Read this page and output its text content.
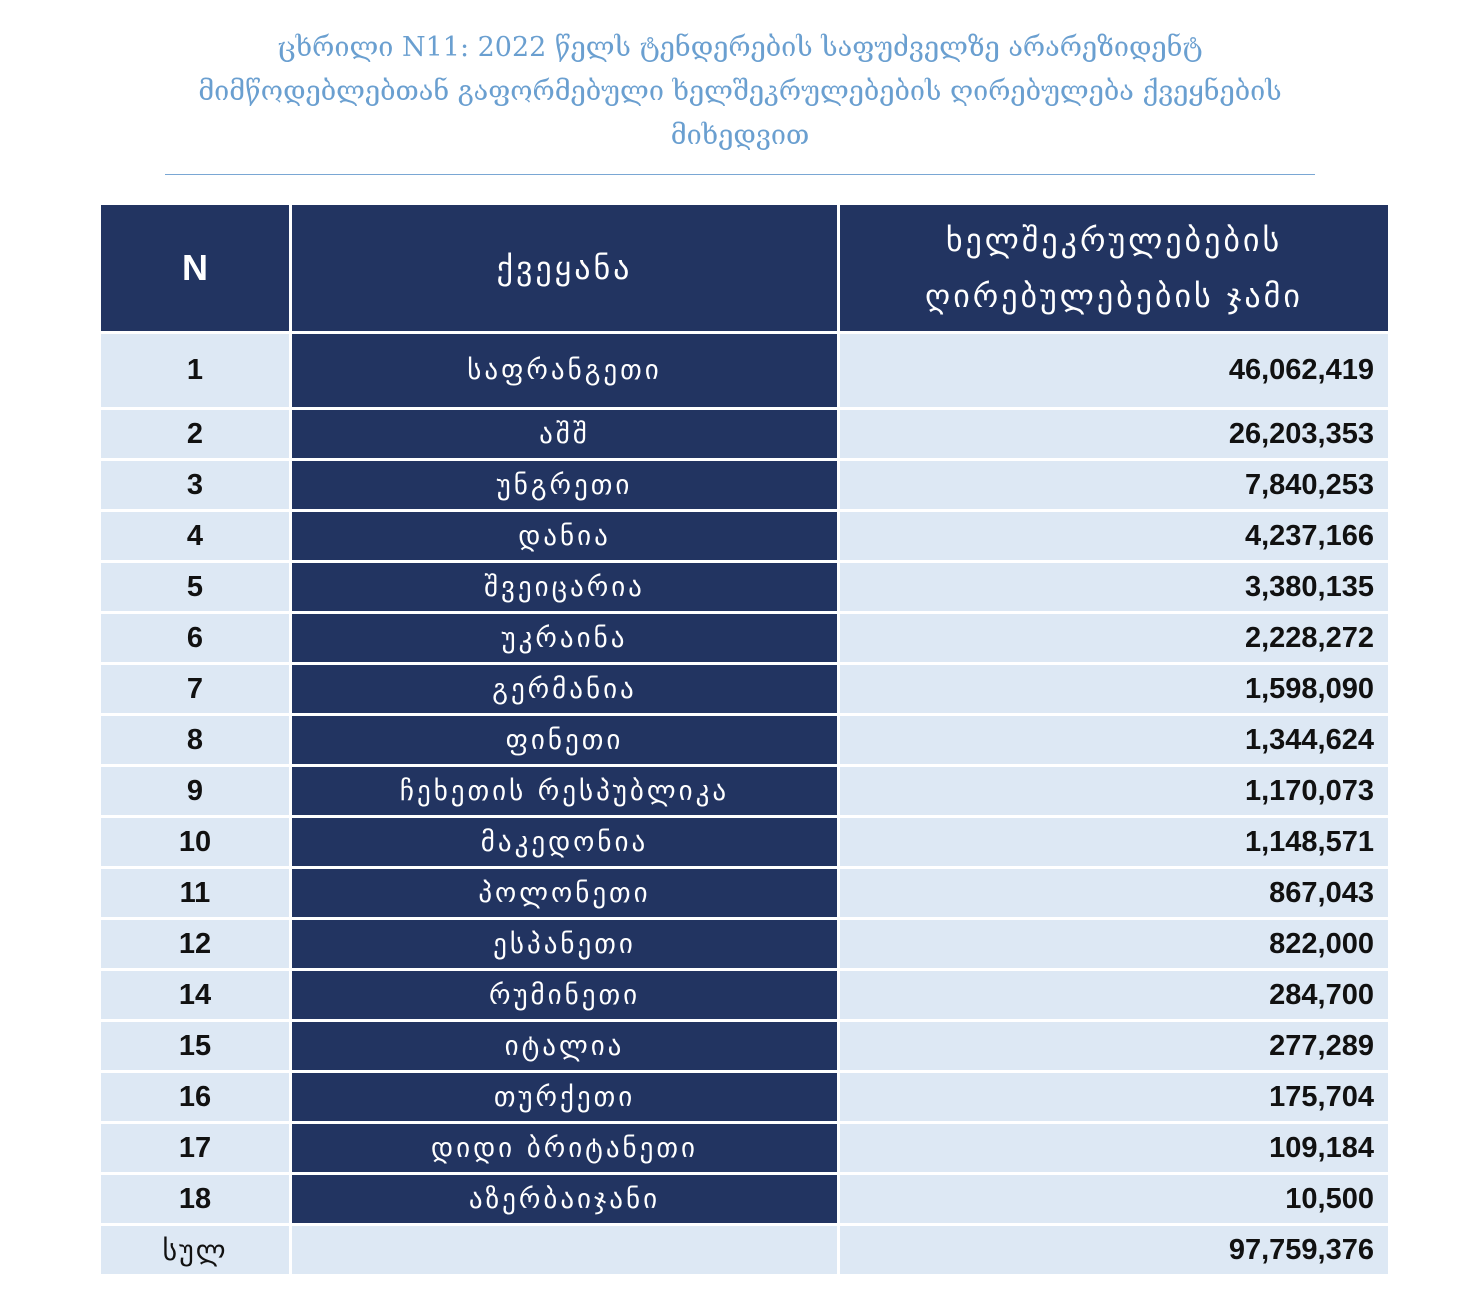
ცხრილი N11: 2022 წელს ტენდერების საფუძველზე არარეზიდენტ
მიმწოდებლებთან გაფორმებული ხელშეკრულებების ღირებულება ქვეყნების
მიხედვით
N	ქვეყანა	ხელშეკრულებების
ღირებულებების ჯამი

1	საფრანგეთი	46,062,419
2	აშშ	26,203,353
3	უნგრეთი	7,840,253
4	დანია	4,237,166
5	შვეიცარია	3,380,135
6	უკრაინა	2,228,272
7	გერმანია	1,598,090
8	ფინეთი	1,344,624
9	ჩეხეთის რესპუბლიკა	1,170,073
10	მაკედონია	1,148,571
11	პოლონეთი	867,043
12	ესპანეთი	822,000
14	რუმინეთი	284,700
15	იტალია	277,289
16	თურქეთი	175,704
17	დიდი ბრიტანეთი	109,184
18	აზერბაიჯანი	10,500
სულ		97,759,376
